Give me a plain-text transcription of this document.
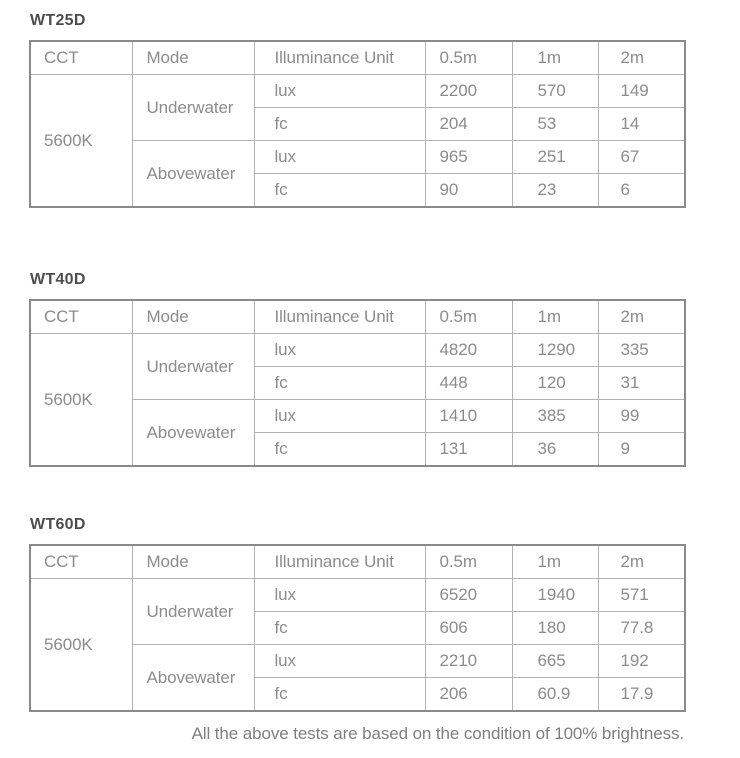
WT25D
CCT	Mode	Illuminance Unit	0.5m	1m	2m
5600K	Underwater	lux	2200	570	149
		fc	204	53	14
	Abovewater	lux	965	251	67
		fc	90	23	6
WT40D
CCT	Mode	Illuminance Unit	0.5m	1m	2m
5600K	Underwater	lux	4820	1290	335
		fc	448	120	31
	Abovewater	lux	1410	385	99
		fc	131	36	9
WT60D
CCT	Mode	Illuminance Unit	0.5m	1m	2m
5600K	Underwater	lux	6520	1940	571
		fc	606	180	77.8
	Abovewater	lux	2210	665	192
		fc	206	60.9	17.9

All the above tests are based on the condition of 100% brightness.
